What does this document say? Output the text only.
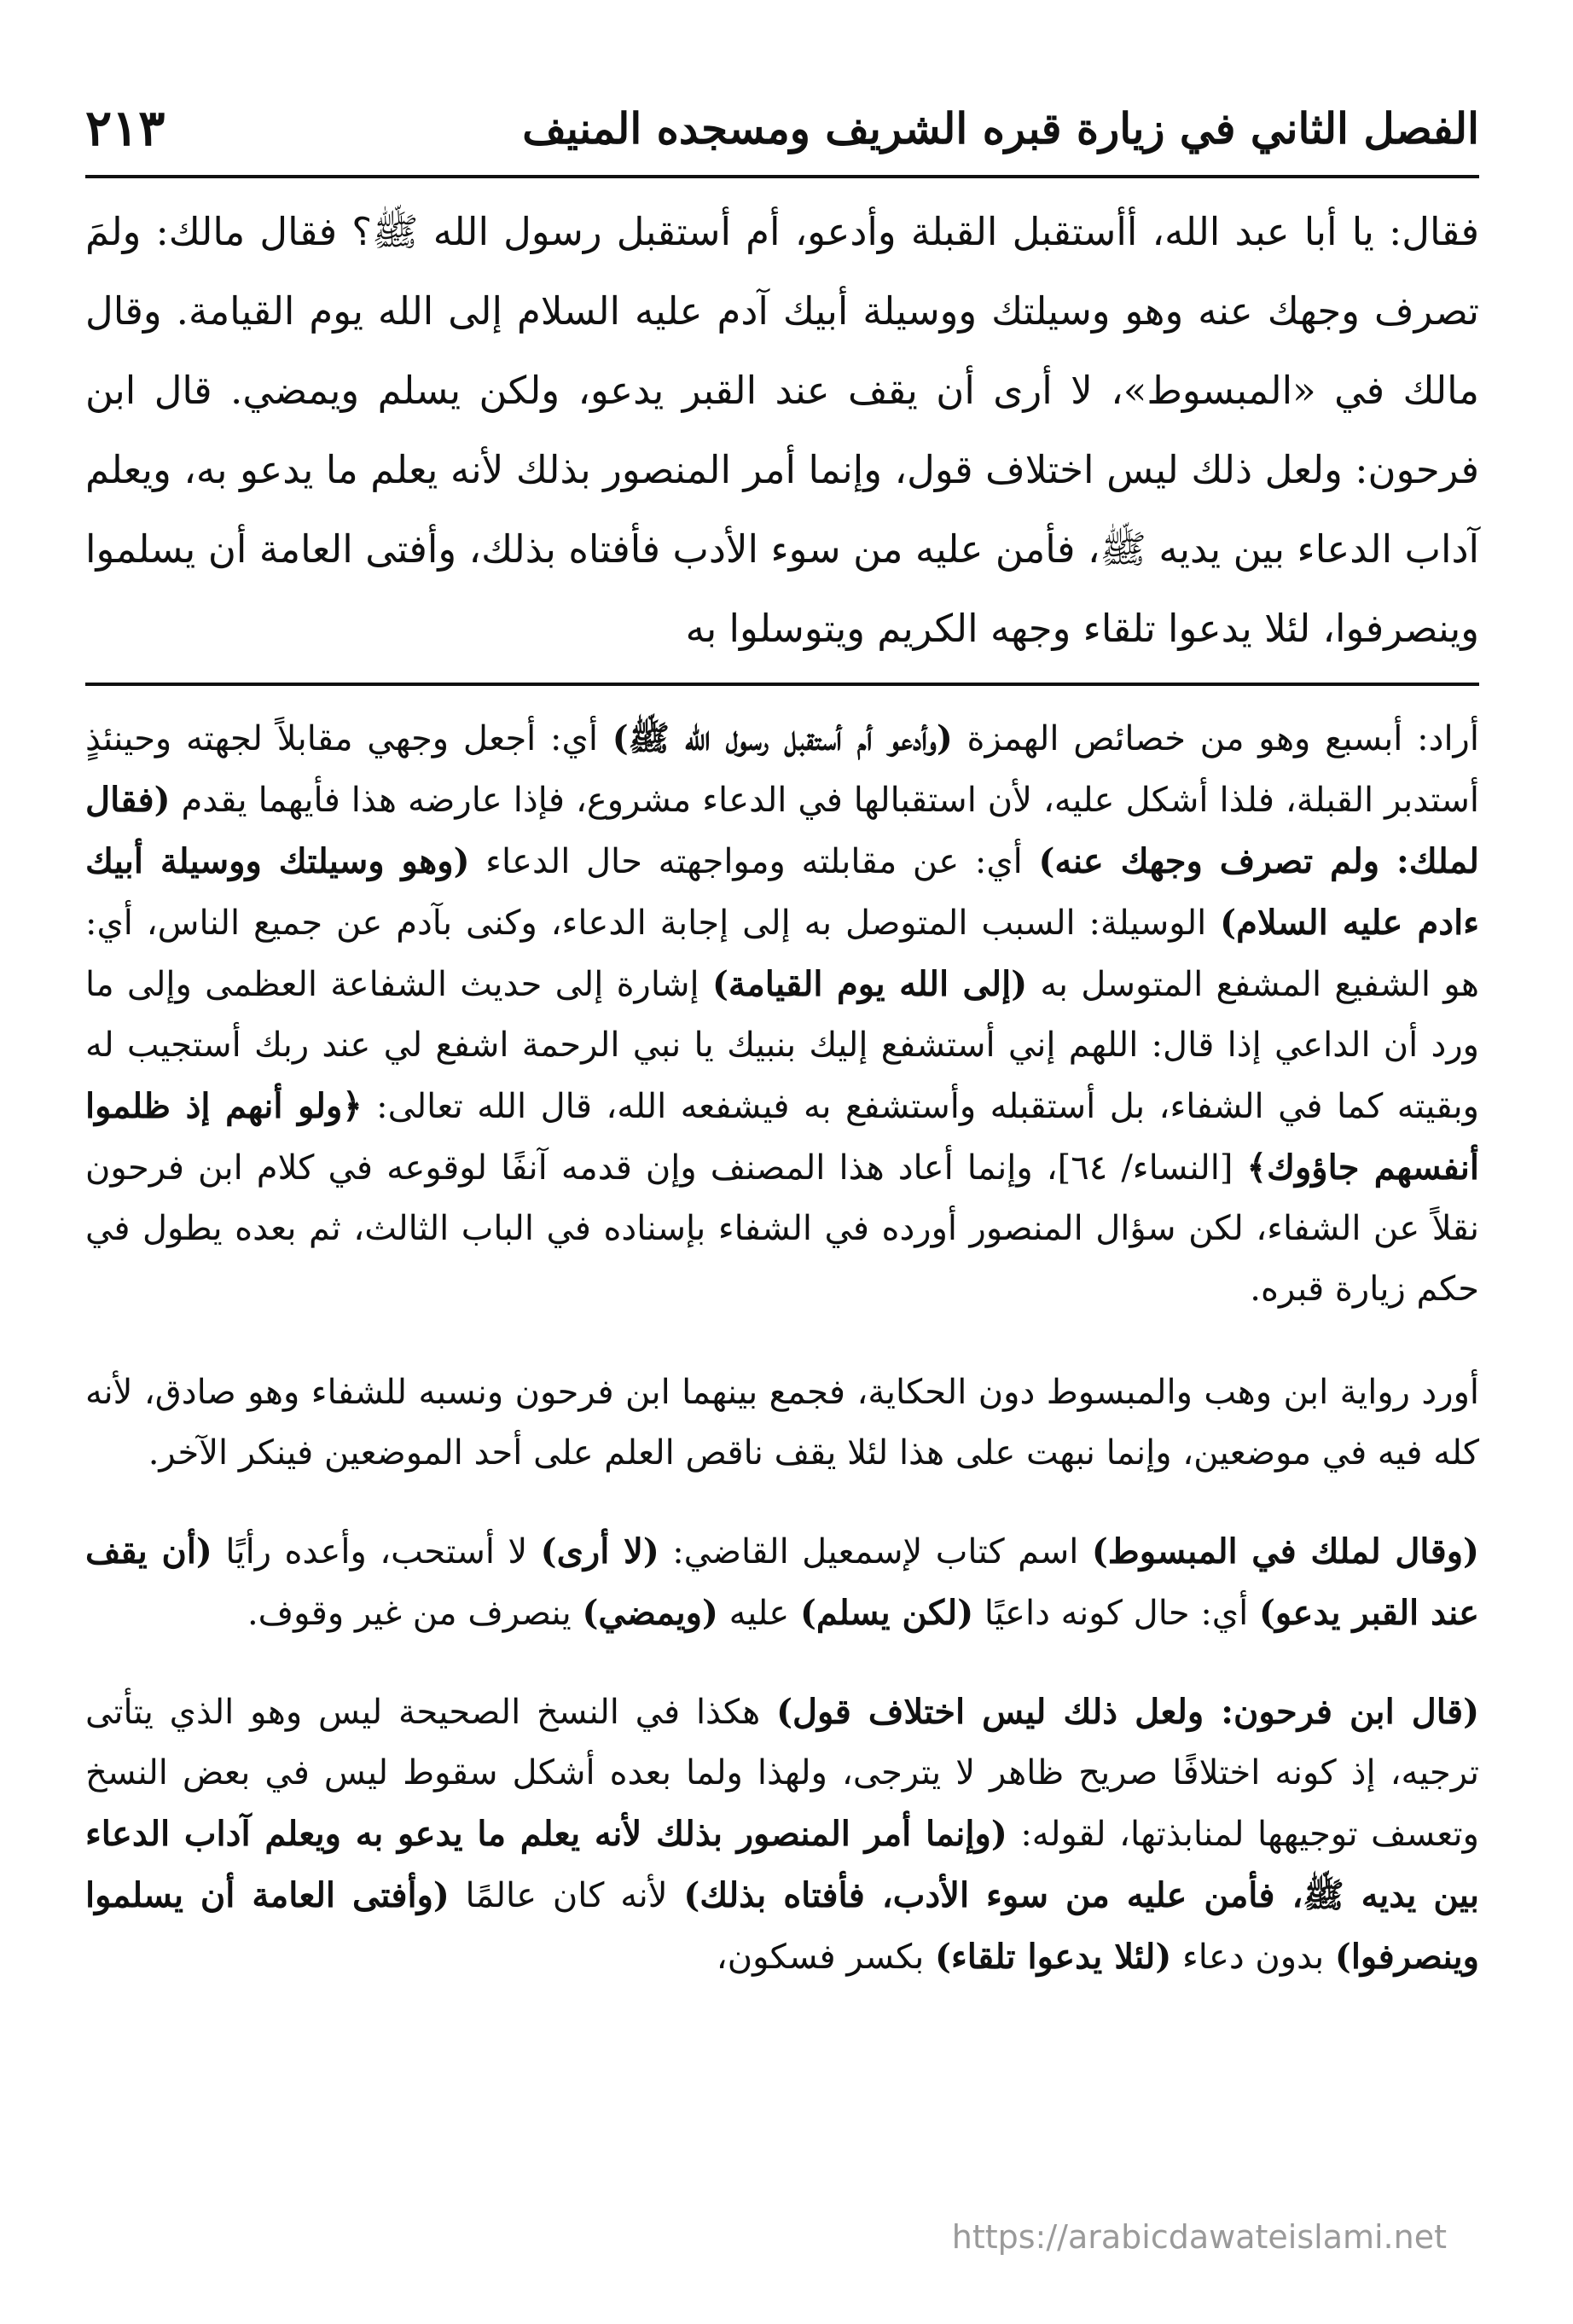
الفصل الثاني في زيارة قبره الشريف ومسجده المنيف
٢١٣

فقال: يا أبا عبد الله، أأستقبل القبلة وأدعو، أم أستقبل رسول الله ﷺ؟ فقال مالك: ولمَ تصرف وجهك عنه وهو وسيلتك ووسيلة أبيك آدم عليه السلام إلى الله يوم القيامة. وقال مالك في «المبسوط»، لا أرى أن يقف عند القبر يدعو، ولكن يسلم ويمضي. قال ابن فرحون: ولعل ذلك ليس اختلاف قول، وإنما أمر المنصور بذلك لأنه يعلم ما يدعو به، ويعلم آداب الدعاء بين يديه ﷺ، فأمن عليه من سوء الأدب فأفتاه بذلك، وأفتى العامة أن يسلموا وينصرفوا، لئلا يدعوا تلقاء وجهه الكريم ويتوسلوا به

أراد: أبسبع وهو من خصائص الهمزة (وأدعو أم أستقبل رسول الله ﷺ) أي: أجعل وجهي مقابلاً لجهته وحينئذٍ أستدبر القبلة، فلذا أشكل عليه، لأن استقبالها في الدعاء مشروع، فإذا عارضه هذا فأيهما يقدم (فقال لملك: ولم تصرف وجهك عنه) أي: عن مقابلته ومواجهته حال الدعاء (وهو وسيلتك ووسيلة أبيك ءادم عليه السلام) الوسيلة: السبب المتوصل به إلى إجابة الدعاء، وكنى بآدم عن جميع الناس، أي: هو الشفيع المشفع المتوسل به (إلى الله يوم القيامة) إشارة إلى حديث الشفاعة العظمى وإلى ما ورد أن الداعي إذا قال: اللهم إني أستشفع إليك بنبيك يا نبي الرحمة اشفع لي عند ربك أستجيب له وبقيته كما في الشفاء، بل أستقبله وأستشفع به فيشفعه الله، قال الله تعالى: ﴿ولو أنهم إذ ظلموا أنفسهم جاؤوك﴾ [النساء/ ٦٤]، وإنما أعاد هذا المصنف وإن قدمه آنفًا لوقوعه في كلام ابن فرحون نقلاً عن الشفاء، لكن سؤال المنصور أورده في الشفاء بإسناده في الباب الثالث، ثم بعده يطول في حكم زيارة قبره.

أورد رواية ابن وهب والمبسوط دون الحكاية، فجمع بينهما ابن فرحون ونسبه للشفاء وهو صادق، لأنه كله فيه في موضعين، وإنما نبهت على هذا لئلا يقف ناقص العلم على أحد الموضعين فينكر الآخر.

(وقال لملك في المبسوط) اسم كتاب لإسمعيل القاضي: (لا أرى) لا أستحب، وأعده رأيًا (أن يقف عند القبر يدعو) أي: حال كونه داعيًا (لكن يسلم) عليه (ويمضي) ينصرف من غير وقوف.

(قال ابن فرحون: ولعل ذلك ليس اختلاف قول) هكذا في النسخ الصحيحة ليس وهو الذي يتأتى ترجيه، إذ كونه اختلافًا صريح ظاهر لا يترجى، ولهذا ولما بعده أشكل سقوط ليس في بعض النسخ وتعسف توجيهها لمنابذتها، لقوله: (وإنما أمر المنصور بذلك لأنه يعلم ما يدعو به ويعلم آداب الدعاء بين يديه ﷺ، فأمن عليه من سوء الأدب، فأفتاه بذلك) لأنه كان عالمًا (وأفتى العامة أن يسلموا وينصرفوا) بدون دعاء (لئلا يدعوا تلقاء) بكسر فسكون،

https://arabicdawateislami.net
